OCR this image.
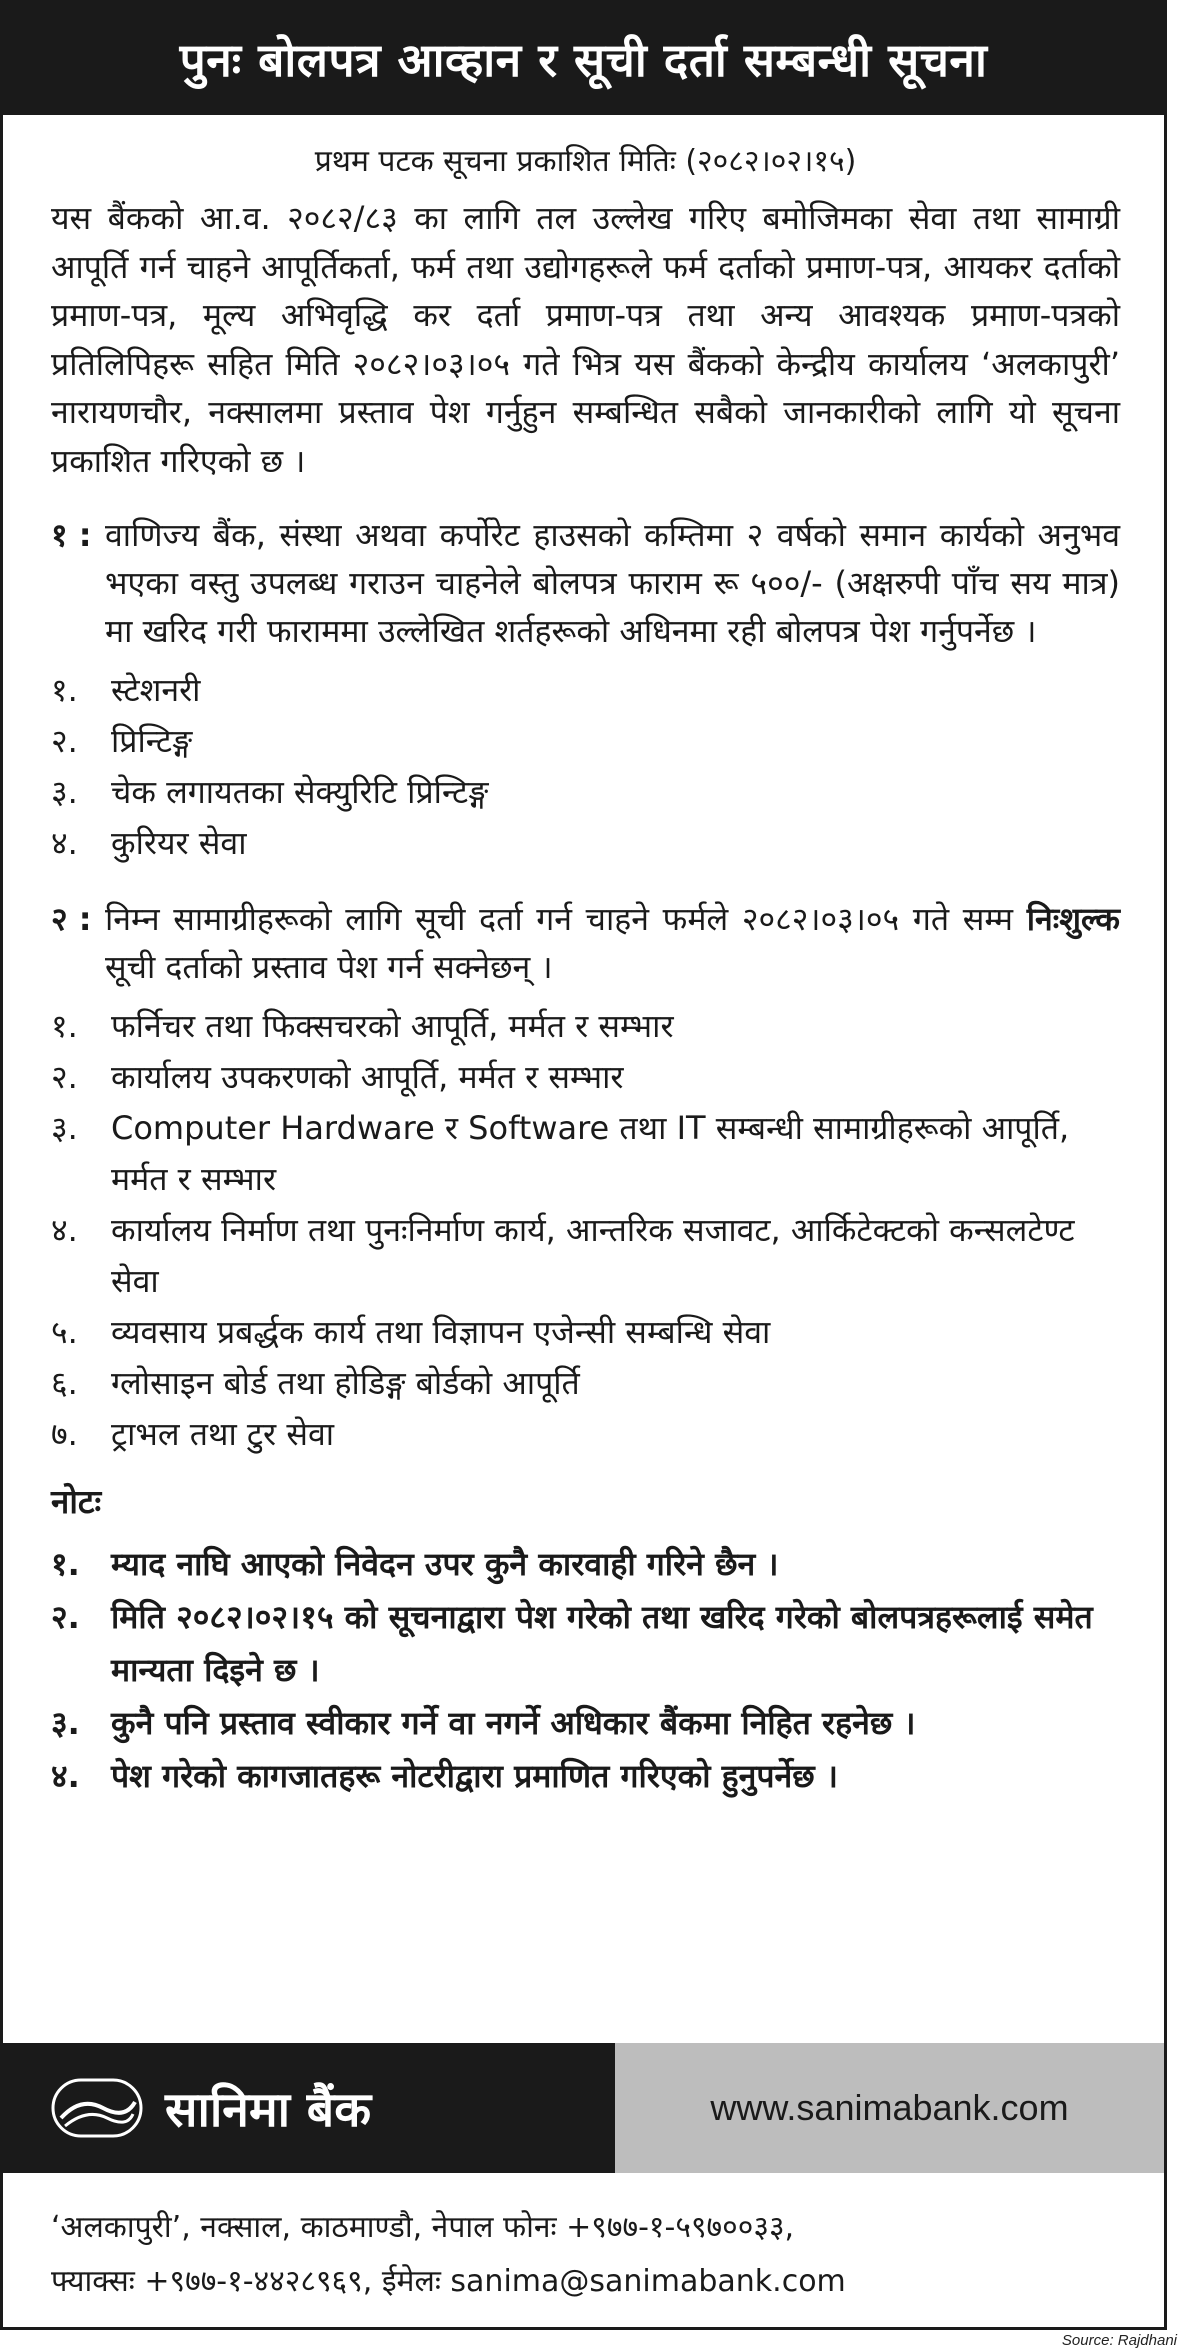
पुनः बोलपत्र आव्हान र सूची दर्ता सम्बन्धी सूचना
प्रथम पटक सूचना प्रकाशित मितिः (२०८२।०२।१५)

यस बैंकको आ.व. २०८२/८३ का लागि तल उल्लेख गरिए बमोजिमका सेवा तथा सामाग्री आपूर्ति गर्न चाहने आपूर्तिकर्ता, फर्म तथा उद्योगहरूले फर्म दर्ताको प्रमाण-पत्र, आयकर दर्ताको प्रमाण-पत्र, मूल्य अभिवृद्धि कर दर्ता प्रमाण-पत्र तथा अन्य आवश्यक प्रमाण-पत्रको प्रतिलिपिहरू सहित मिति २०८२।०३।०५ गते भित्र यस बैंकको केन्द्रीय कार्यालय ‘अलकापुरी’ नारायणचौर, नक्सालमा प्रस्ताव पेश गर्नुहुन सम्बन्धित सबैको जानकारीको लागि यो सूचना प्रकाशित गरिएको छ ।

१ : वाणिज्य बैंक, संस्था अथवा कर्पोरेट हाउसको कम्तिमा २ वर्षको समान कार्यको अनुभव भएका वस्तु उपलब्ध गराउन चाहनेले बोलपत्र फाराम रू ५००/- (अक्षरुपी पाँच सय मात्र) मा खरिद गरी फाराममा उल्लेखित शर्तहरूको अधिनमा रही बोलपत्र पेश गर्नुपर्नेछ ।
१.	स्टेशनरी
२.	प्रिन्टिङ्ग
३.	चेक लगायतका सेक्युरिटि प्रिन्टिङ्ग
४.	कुरियर सेवा
२ : निम्न सामाग्रीहरूको लागि सूची दर्ता गर्न चाहने फर्मले २०८२।०३।०५ गते सम्म निःशुल्क सूची दर्ताको प्रस्ताव पेश गर्न सक्नेछन् ।
१.	फर्निचर तथा फिक्सचरको आपूर्ति, मर्मत र सम्भार
२.	कार्यालय उपकरणको आपूर्ति, मर्मत र सम्भार
३.	Computer Hardware र Software तथा IT सम्बन्धी सामाग्रीहरूको आपूर्ति, मर्मत र सम्भार
४.	कार्यालय निर्माण तथा पुनःनिर्माण कार्य, आन्तरिक सजावट, आर्किटेक्टको कन्सलटेण्ट सेवा
५.	व्यवसाय प्रबर्द्धक कार्य तथा विज्ञापन एजेन्सी सम्बन्धि सेवा
६.	ग्लोसाइन बोर्ड तथा होडिङ्ग बोर्डको आपूर्ति
७.	ट्राभल तथा टुर सेवा
नोटः
१. म्याद नाघि आएको निवेदन उपर कुनै कारवाही गरिने छैन ।
२. मिति २०८२।०२।१५ को सूचनाद्वारा पेश गरेको तथा खरिद गरेको बोलपत्रहरूलाई समेत मान्यता दिइने छ ।
३. कुनै पनि प्रस्ताव स्वीकार गर्ने वा नगर्ने अधिकार बैंकमा निहित रहनेछ ।
४. पेश गरेको कागजातहरू नोटरीद्वारा प्रमाणित गरिएको हुनुपर्नेछ ।
सानिमा बैंक	www.sanimabank.com

‘अलकापुरी’, नक्साल, काठमाण्डौ, नेपाल फोनः +९७७-१-५९७००३३,

फ्याक्सः +९७७-१-४४२८९६९, ईमेलः sanima@sanimabank.com

Source: Rajdhani
